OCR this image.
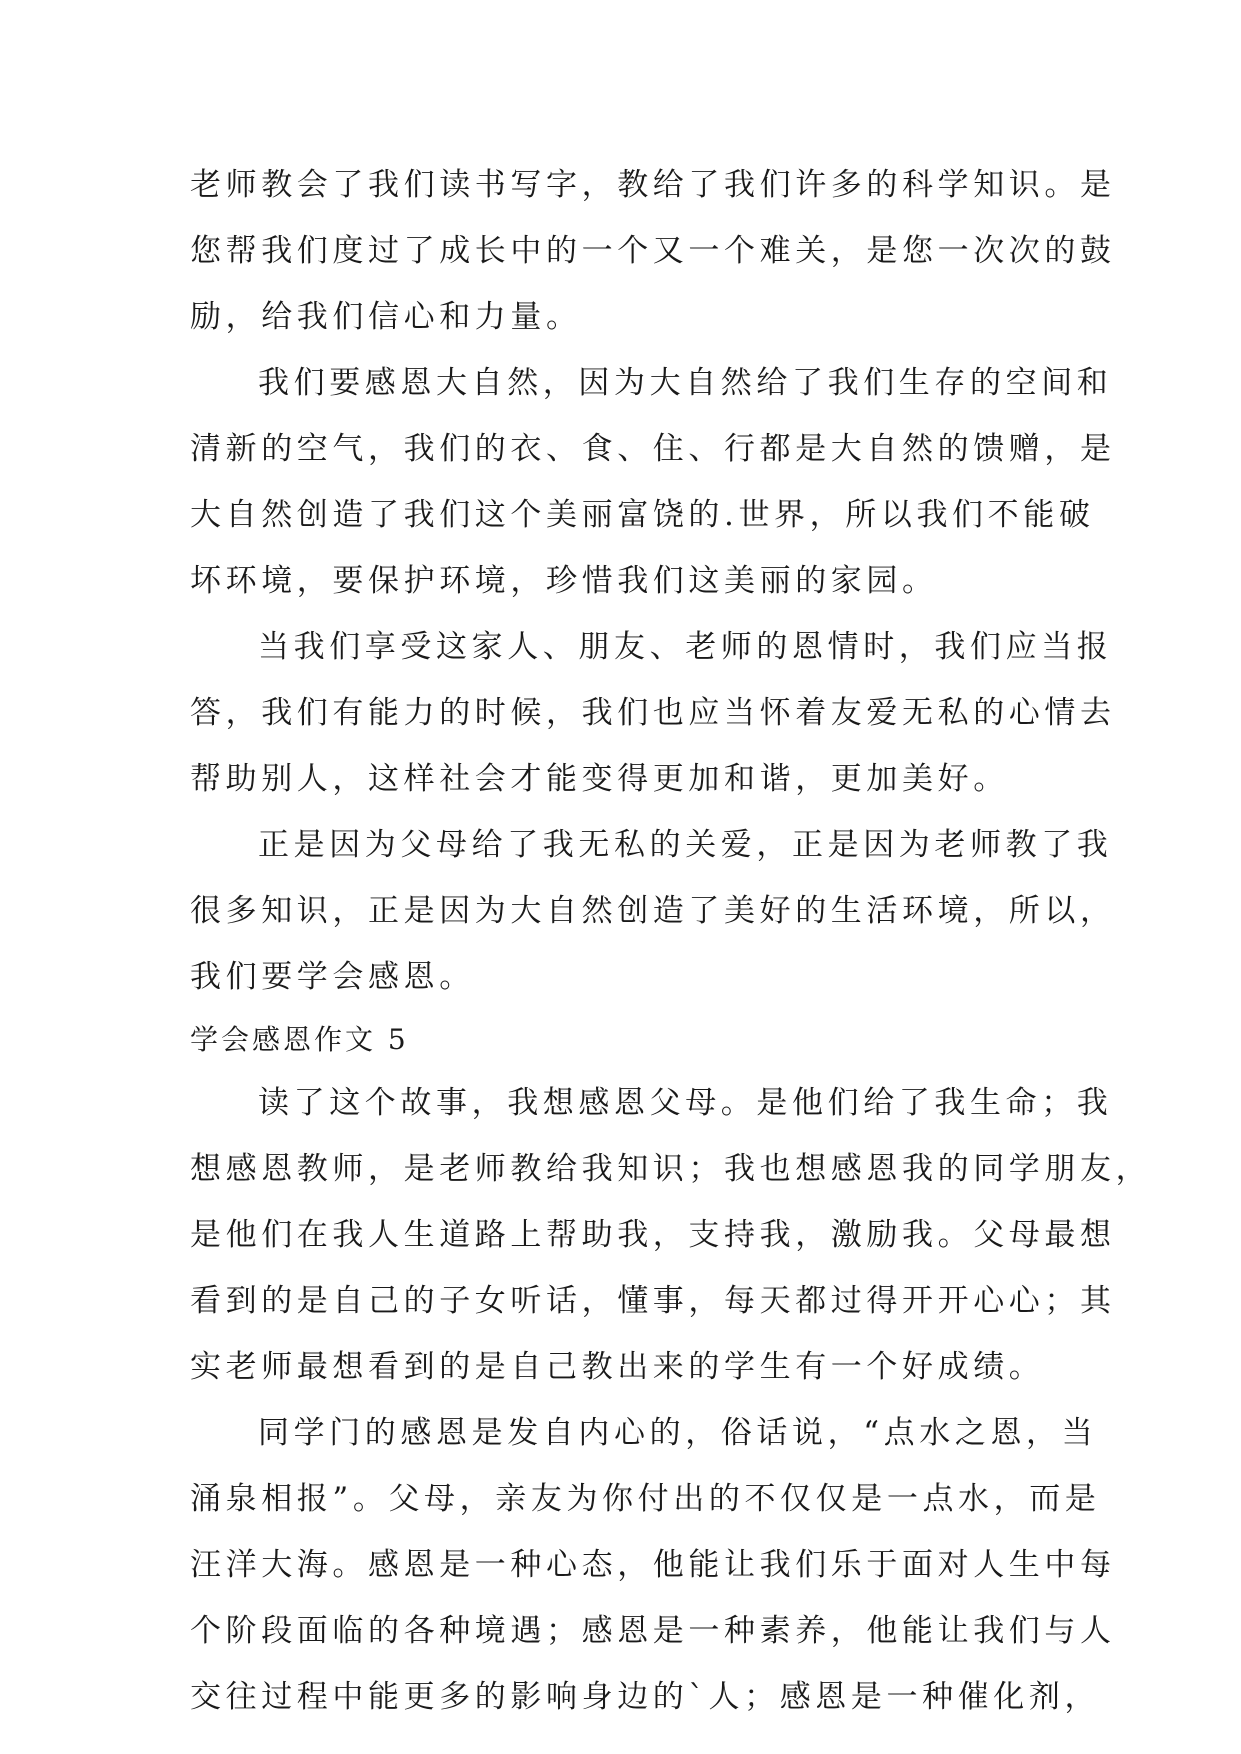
老师教会了我们读书写字，教给了我们许多的科学知识。是
您帮我们度过了成长中的一个又一个难关，是您一次次的鼓
励，给我们信心和力量。
我们要感恩大自然，因为大自然给了我们生存的空间和
清新的空气，我们的衣、食、住、行都是大自然的馈赠，是
大自然创造了我们这个美丽富饶的.世界，所以我们不能破
坏环境，要保护环境，珍惜我们这美丽的家园。
当我们享受这家人、朋友、老师的恩情时，我们应当报
答，我们有能力的时候，我们也应当怀着友爱无私的心情去
帮助别人，这样社会才能变得更加和谐，更加美好。
正是因为父母给了我无私的关爱，正是因为老师教了我
很多知识，正是因为大自然创造了美好的生活环境，所以，
我们要学会感恩。
学会感恩作文 5
读了这个故事，我想感恩父母。是他们给了我生命；我
想感恩教师，是老师教给我知识；我也想感恩我的同学朋友，
是他们在我人生道路上帮助我，支持我，激励我。父母最想
看到的是自己的子女听话，懂事，每天都过得开开心心；其
实老师最想看到的是自己教出来的学生有一个好成绩。
同学门的感恩是发自内心的，俗话说，“点水之恩，当
涌泉相报”。父母，亲友为你付出的不仅仅是一点水，而是
汪洋大海。感恩是一种心态，他能让我们乐于面对人生中每
个阶段面临的各种境遇；感恩是一种素养，他能让我们与人
交往过程中能更多的影响身边的`人；感恩是一种催化剂，
